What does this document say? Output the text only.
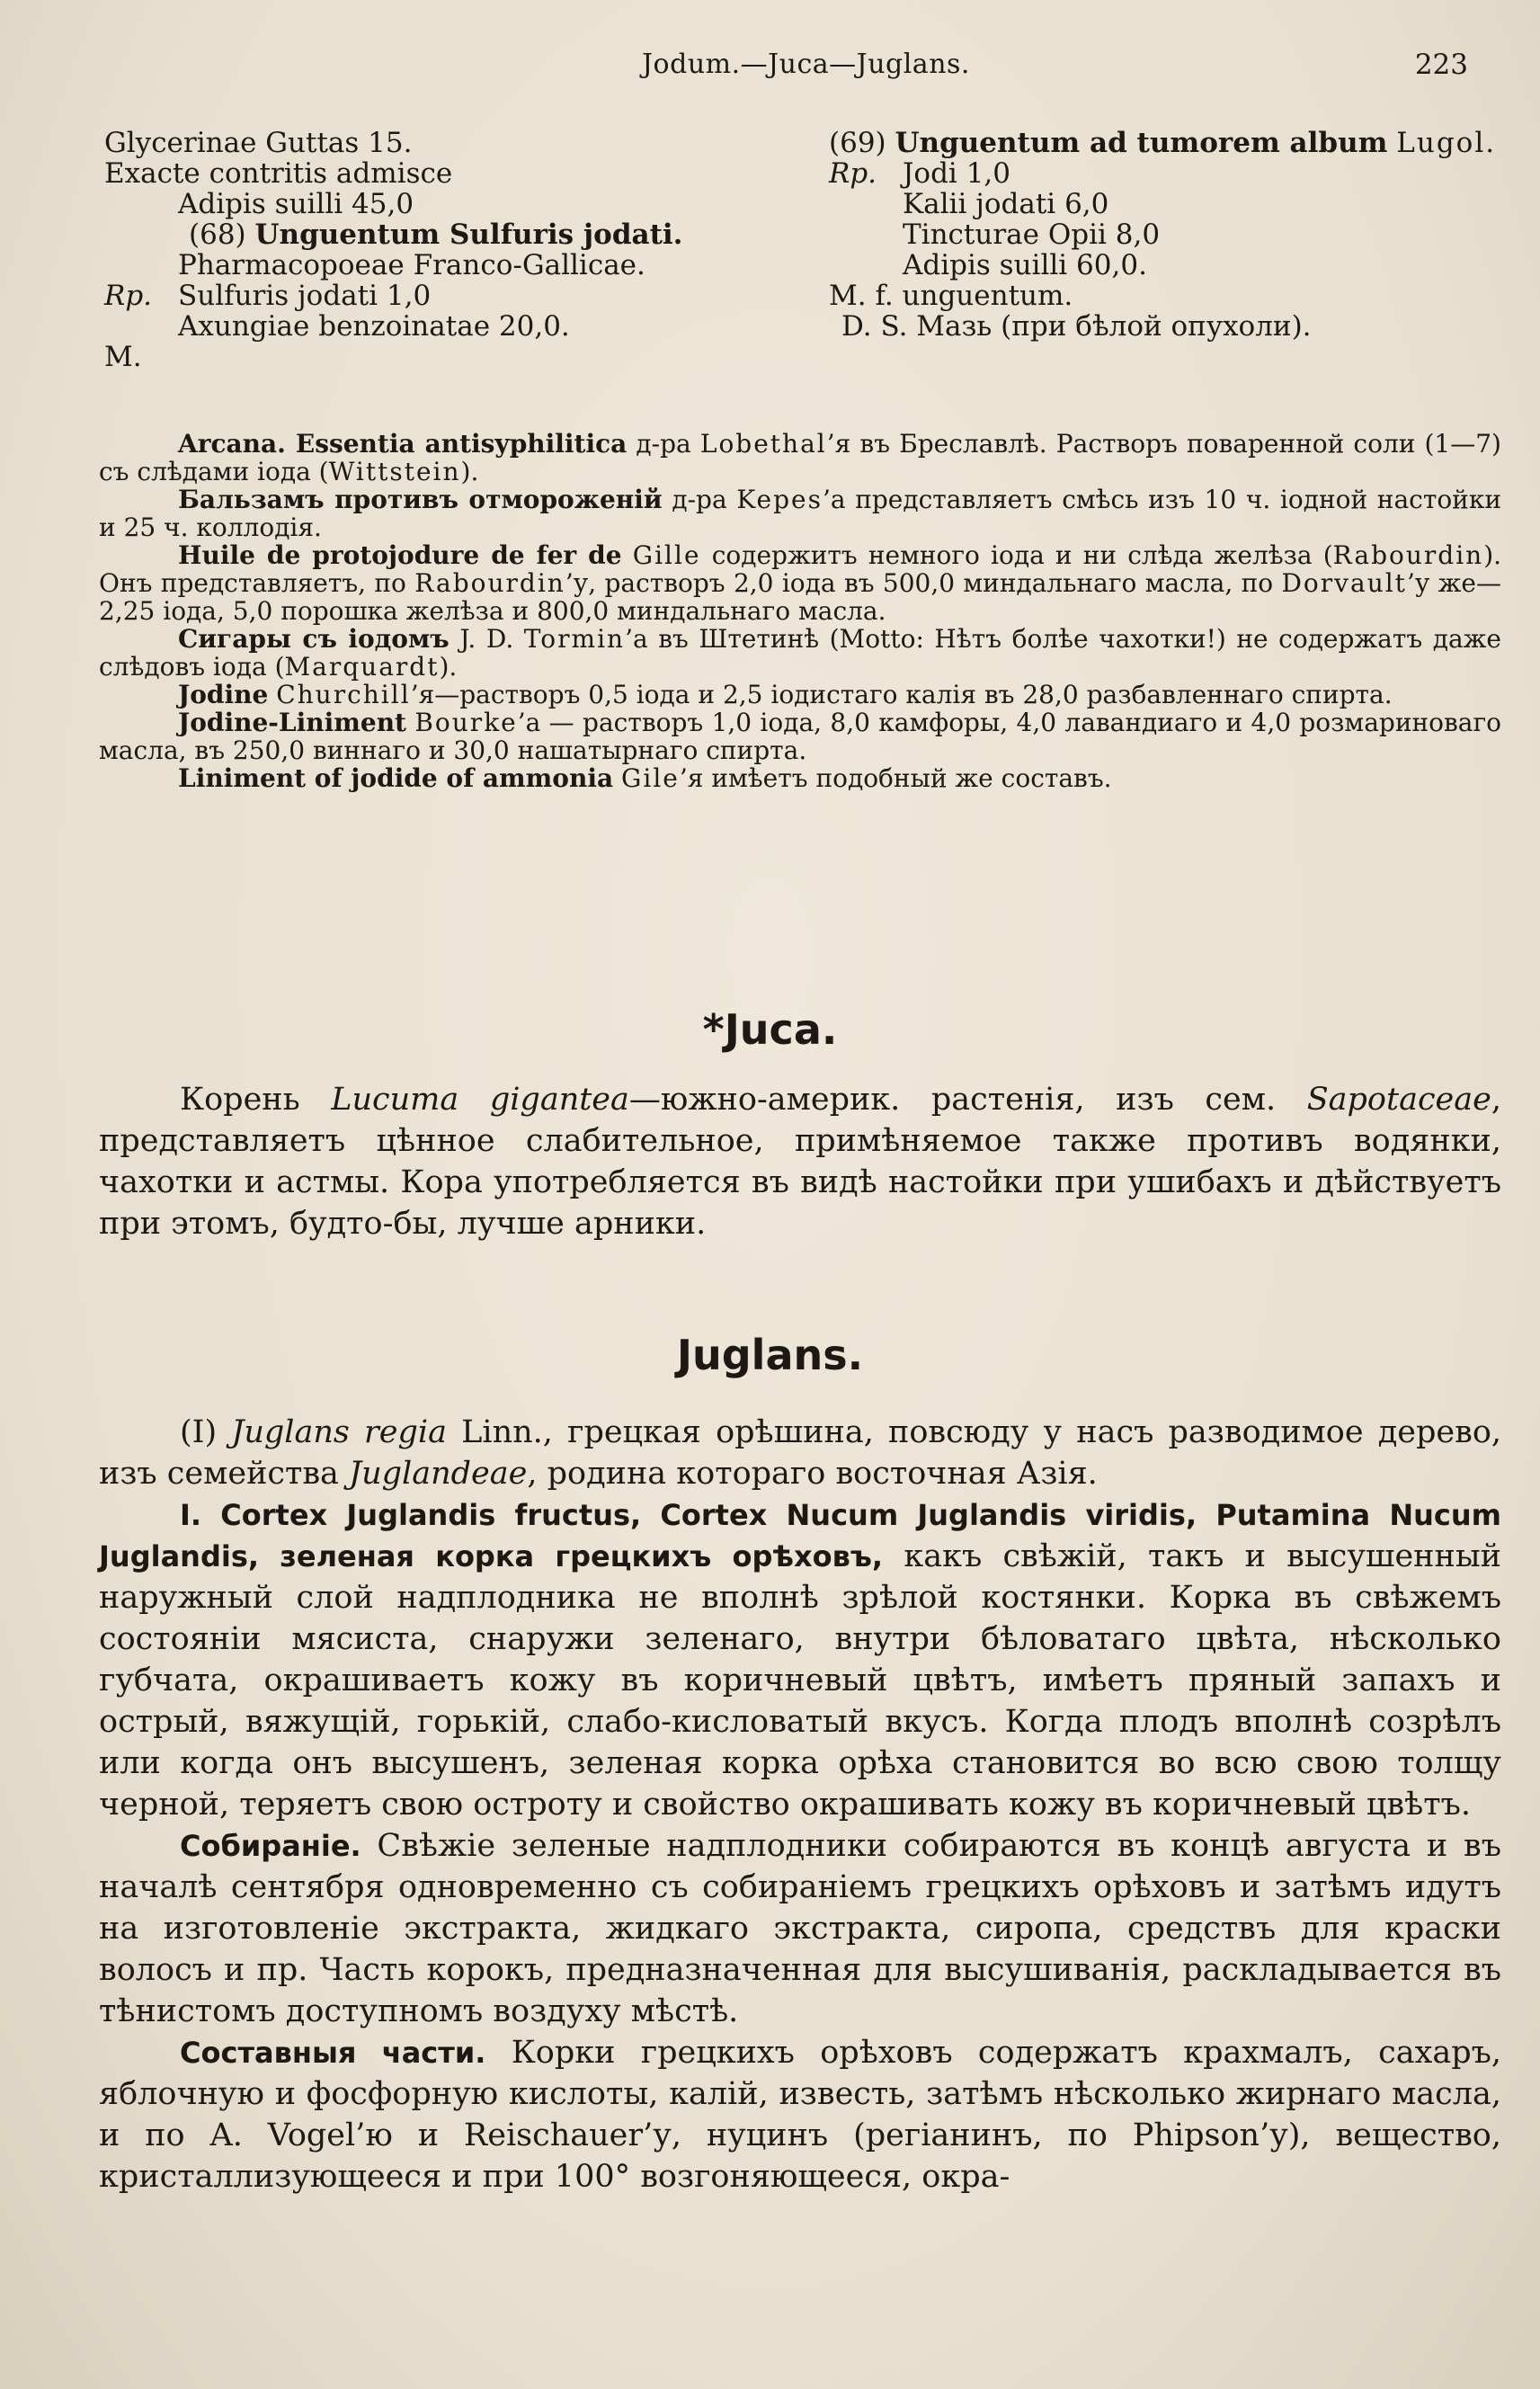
Jodum.—Juca—Juglans.	223
Glycerinae Guttas 15.
Exacte contritis admisce
Adipis suilli 45,0
(68) Unguentum Sulfuris jodati.
Pharmacopoeae Franco-Gallicae.
Rp. Sulfuris jodati 1,0
Axungiae benzoinatae 20,0.
M.
(69) Unguentum ad tumorem album Lugol.
Rp. Jodi 1,0
Kalii jodati 6,0
Tincturae Opii 8,0
Adipis suilli 60,0.
M. f. unguentum.
D. S. Мазь (при бѣлой опухоли).

Arcana. Essentia antisyphilitica д-ра Lobethal’я въ Бреславлѣ. Растворъ поваренной соли (1—7) съ слѣдами іода (Wittstein).

Бальзамъ противъ отмороженій д-ра Kepes’а представляетъ смѣсь изъ 10 ч. іодной настойки и 25 ч. коллодія.

Huile de protojodure de fer de Gille содержитъ немного іода и ни слѣда желѣза (Rabourdin). Онъ представляетъ, по Rabourdin’у, растворъ 2,0 іода въ 500,0 миндальнаго масла, по Dorvault’у же—2,25 іода, 5,0 порошка желѣза и 800,0 миндальнаго масла.

Сигары съ іодомъ J. D. Tormin’а въ Штетинѣ (Motto: Нѣтъ болѣе чахотки!) не содержатъ даже слѣдовъ іода (Marquardt).

Jodine Churchill’я—растворъ 0,5 іода и 2,5 іодистаго калія въ 28,0 разбавленнаго спирта.

Jodine-Liniment Bourke’а — растворъ 1,0 іода, 8,0 камфоры, 4,0 лавандиаго и 4,0 розмариноваго масла, въ 250,0 виннаго и 30,0 нашатырнаго спирта.

Liniment of jodide of ammonia Gile’я имѣетъ подобный же составъ.

*Juca.

Корень Lucuma gigantea—южно-америк. растенія, изъ сем. Sapotaceae, представляетъ цѣнное слабительное, примѣняемое также противъ водянки, чахотки и астмы. Кора употребляется въ видѣ настойки при ушибахъ и дѣйствуетъ при этомъ, будто-бы, лучше арники.

Juglans.

(I) Juglans regia Linn., грецкая орѣшина, повсюду у насъ разводимое дерево, изъ семейства Juglandeae, родина котораго восточная Азія.

I. Cortex Juglandis fructus, Cortex Nucum Juglandis viridis, Putamina Nucum Juglandis, зеленая корка грецкихъ орѣховъ, какъ свѣжій, такъ и высушенный наружный слой надплодника не вполнѣ зрѣлой костянки. Корка въ свѣжемъ состояніи мясиста, снаружи зеленаго, внутри бѣловатаго цвѣта, нѣсколько губчата, окрашиваетъ кожу въ коричневый цвѣтъ, имѣетъ пряный запахъ и острый, вяжущій, горькій, слабо-кисловатый вкусъ. Когда плодъ вполнѣ созрѣлъ или когда онъ высушенъ, зеленая корка орѣха становится во всю свою толщу черной, теряетъ свою остроту и свойство окрашивать кожу въ коричневый цвѣтъ.

Собираніе. Свѣжіе зеленые надплодники собираются въ концѣ августа и въ началѣ сентября одновременно съ собираніемъ грецкихъ орѣховъ и затѣмъ идутъ на изготовленіе экстракта, жидкаго экстракта, сиропа, средствъ для краски волосъ и пр. Часть корокъ, предназначенная для высушиванія, раскладывается въ тѣнистомъ доступномъ воздуху мѣстѣ.

Составныя части. Корки грецкихъ орѣховъ содержатъ крахмалъ, сахаръ, яблочную и фосфорную кислоты, калій, известь, затѣмъ нѣсколько жирнаго масла, и по A. Vogel’ю и Reischauer’у, нуцинъ (регіанинъ, по Phipson’у), вещество, кристаллизующееся и при 100° возгоняющееся, окра-
